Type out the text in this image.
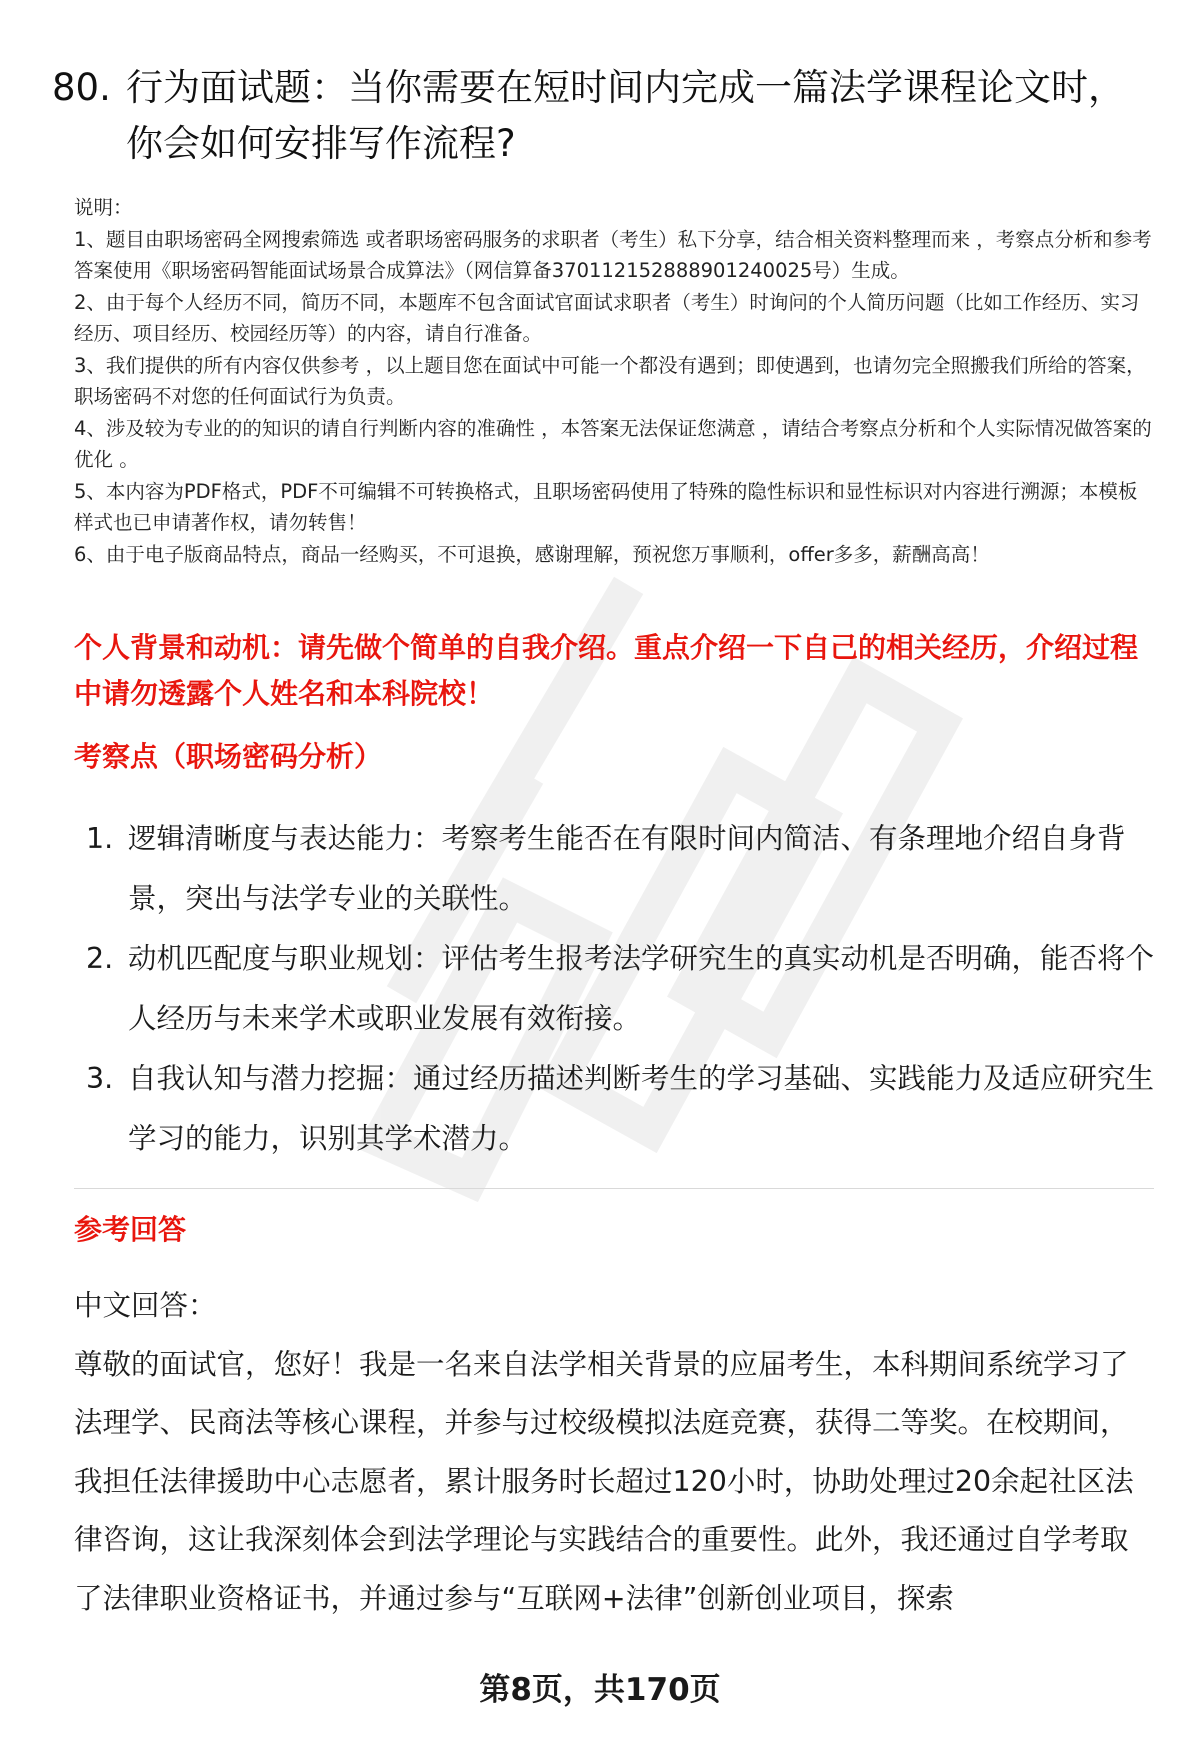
80. 行为面试题：当你需要在短时间内完成一篇法学课程论文时，你会如何安排写作流程?

说明：

1、题目由职场密码全网搜索筛选 或者职场密码服务的求职者（考生）私下分享，结合相关资料整理而来 ，考察点分析和参考答案使用《职场密码智能面试场景合成算法》（网信算备370112152888901240025号）生成。

2、由于每个人经历不同，简历不同，本题库不包含面试官面试求职者（考生）时询问的个人简历问题（比如工作经历、实习经历、项目经历、校园经历等）的内容，请自行准备。

3、我们提供的所有内容仅供参考 ，以上题目您在面试中可能一个都没有遇到；即使遇到，也请勿完全照搬我们所给的答案，职场密码不对您的任何面试行为负责。

4、涉及较为专业的的知识的请自行判断内容的准确性 ，本答案无法保证您满意 ，请结合考察点分析和个人实际情况做答案的优化 。

5、本内容为PDF格式，PDF不可编辑不可转换格式，且职场密码使用了特殊的隐性标识和显性标识对内容进行溯源；本模板样式也已申请著作权，请勿转售！

6、由于电子版商品特点，商品一经购买，不可退换，感谢理解，预祝您万事顺利，offer多多，薪酬高高！

个人背景和动机：请先做个简单的自我介绍。重点介绍一下自己的相关经历，介绍过程中请勿透露个人姓名和本科院校！
考察点（职场密码分析）
1. 逻辑清晰度与表达能力：考察考生能否在有限时间内简洁、有条理地介绍自身背景，突出与法学专业的关联性。
2. 动机匹配度与职业规划：评估考生报考法学研究生的真实动机是否明确，能否将个人经历与未来学术或职业发展有效衔接。
3. 自我认知与潜力挖掘：通过经历描述判断考生的学习基础、实践能力及适应研究生学习的能力，识别其学术潜力。
参考回答

中文回答：

尊敬的面试官，您好！我是一名来自法学相关背景的应届考生，本科期间系统学习了法理学、民商法等核心课程，并参与过校级模拟法庭竞赛，获得二等奖。在校期间，我担任法律援助中心志愿者，累计服务时长超过120小时，协助处理过20余起社区法律咨询，这让我深刻体会到法学理论与实践结合的重要性。此外，我还通过自学考取了法律职业资格证书，并通过参与“互联网+法律”创新创业项目，探索

第8页，共170页
